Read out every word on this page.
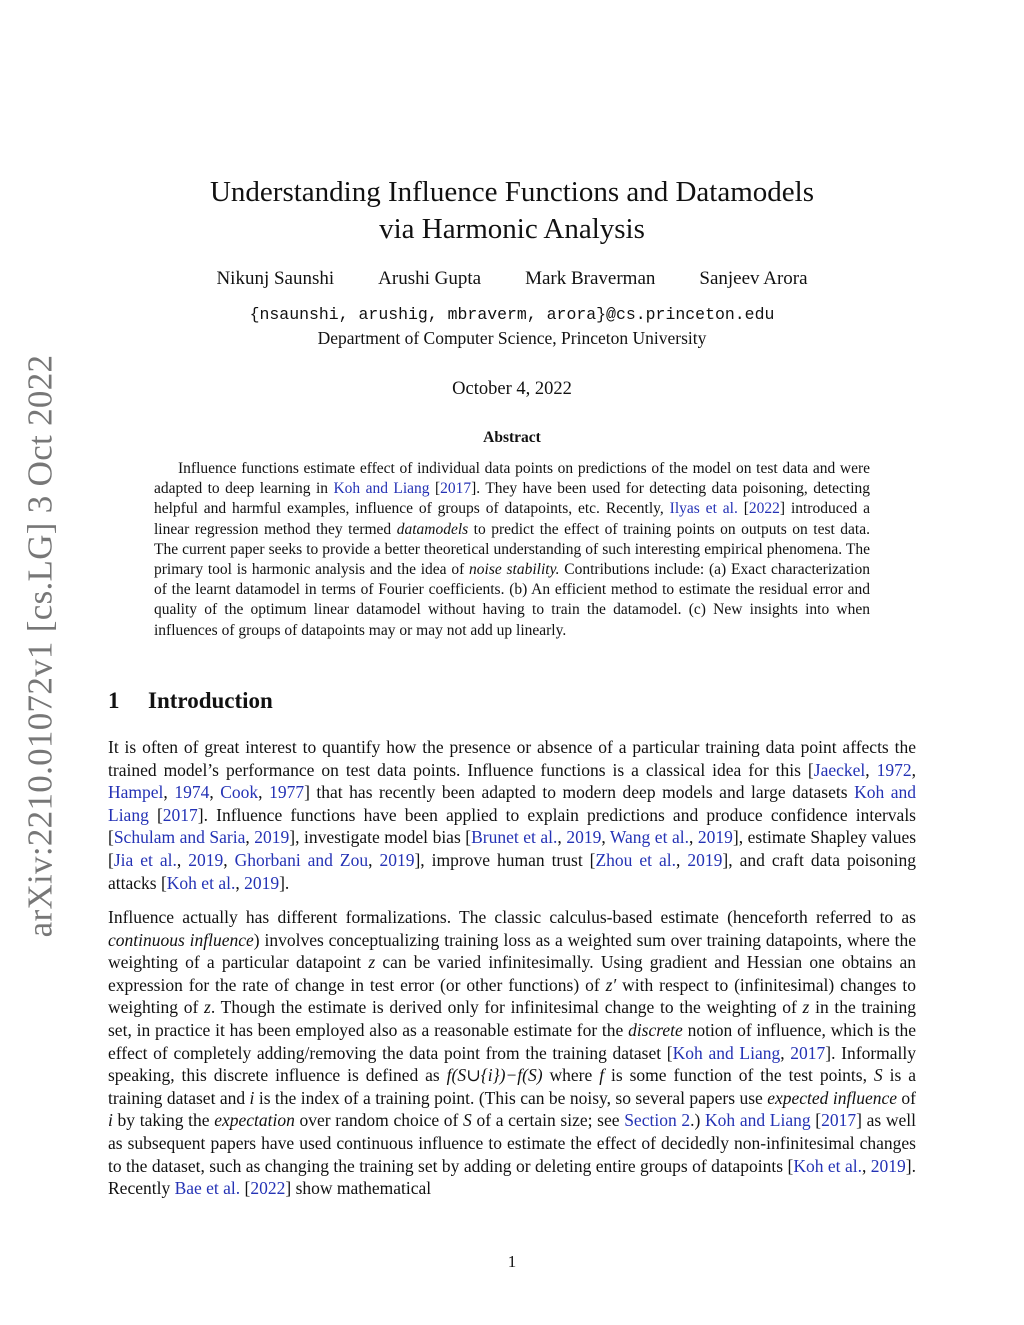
arXiv:2210.01072v1 [cs.LG] 3 Oct 2022
Understanding Influence Functions and Datamodels
via Harmonic Analysis
Nikunj Saunshi Arushi Gupta Mark Braverman Sanjeev Arora
{nsaunshi, arushig, mbraverm, arora}@cs.princeton.edu
Department of Computer Science, Princeton University
October 4, 2022
Abstract

Influence functions estimate effect of individual data points on predictions of the model on test data and were adapted to deep learning in Koh and Liang [2017]. They have been used for detecting data poisoning, detecting helpful and harmful examples, influence of groups of datapoints, etc. Recently, Ilyas et al. [2022] introduced a linear regression method they termed datamodels to predict the effect of training points on outputs on test data. The current paper seeks to provide a better theoretical understanding of such interesting empirical phenomena. The primary tool is harmonic analysis and the idea of noise stability. Contributions include: (a) Exact characterization of the learnt datamodel in terms of Fourier coefficients. (b) An efficient method to estimate the residual error and quality of the optimum linear datamodel without having to train the datamodel. (c) New insights into when influences of groups of datapoints may or may not add up linearly.

1 Introduction

It is often of great interest to quantify how the presence or absence of a particular training data point affects the trained model’s performance on test data points. Influence functions is a classical idea for this [Jaeckel, 1972, Hampel, 1974, Cook, 1977] that has recently been adapted to modern deep models and large datasets Koh and Liang [2017]. Influence functions have been applied to explain predictions and produce confidence intervals [Schulam and Saria, 2019], investigate model bias [Brunet et al., 2019, Wang et al., 2019], estimate Shapley values [Jia et al., 2019, Ghorbani and Zou, 2019], improve human trust [Zhou et al., 2019], and craft data poisoning attacks [Koh et al., 2019].

Influence actually has different formalizations. The classic calculus-based estimate (henceforth referred to as continuous influence) involves conceptualizing training loss as a weighted sum over training datapoints, where the weighting of a particular datapoint z can be varied infinitesimally. Using gradient and Hessian one obtains an expression for the rate of change in test error (or other functions) of z′ with respect to (infinitesimal) changes to weighting of z. Though the estimate is derived only for infinitesimal change to the weighting of z in the training set, in practice it has been employed also as a reasonable estimate for the discrete notion of influence, which is the effect of completely adding/removing the data point from the training dataset [Koh and Liang, 2017]. Informally speaking, this discrete influence is defined as f(S∪{i})−f(S) where f is some function of the test points, S is a training dataset and i is the index of a training point. (This can be noisy, so several papers use expected influence of i by taking the expectation over random choice of S of a certain size; see Section 2.) Koh and Liang [2017] as well as subsequent papers have used continuous influence to estimate the effect of decidedly non-infinitesimal changes to the dataset, such as changing the training set by adding or deleting entire groups of datapoints [Koh et al., 2019]. Recently Bae et al. [2022] show mathematical

1
